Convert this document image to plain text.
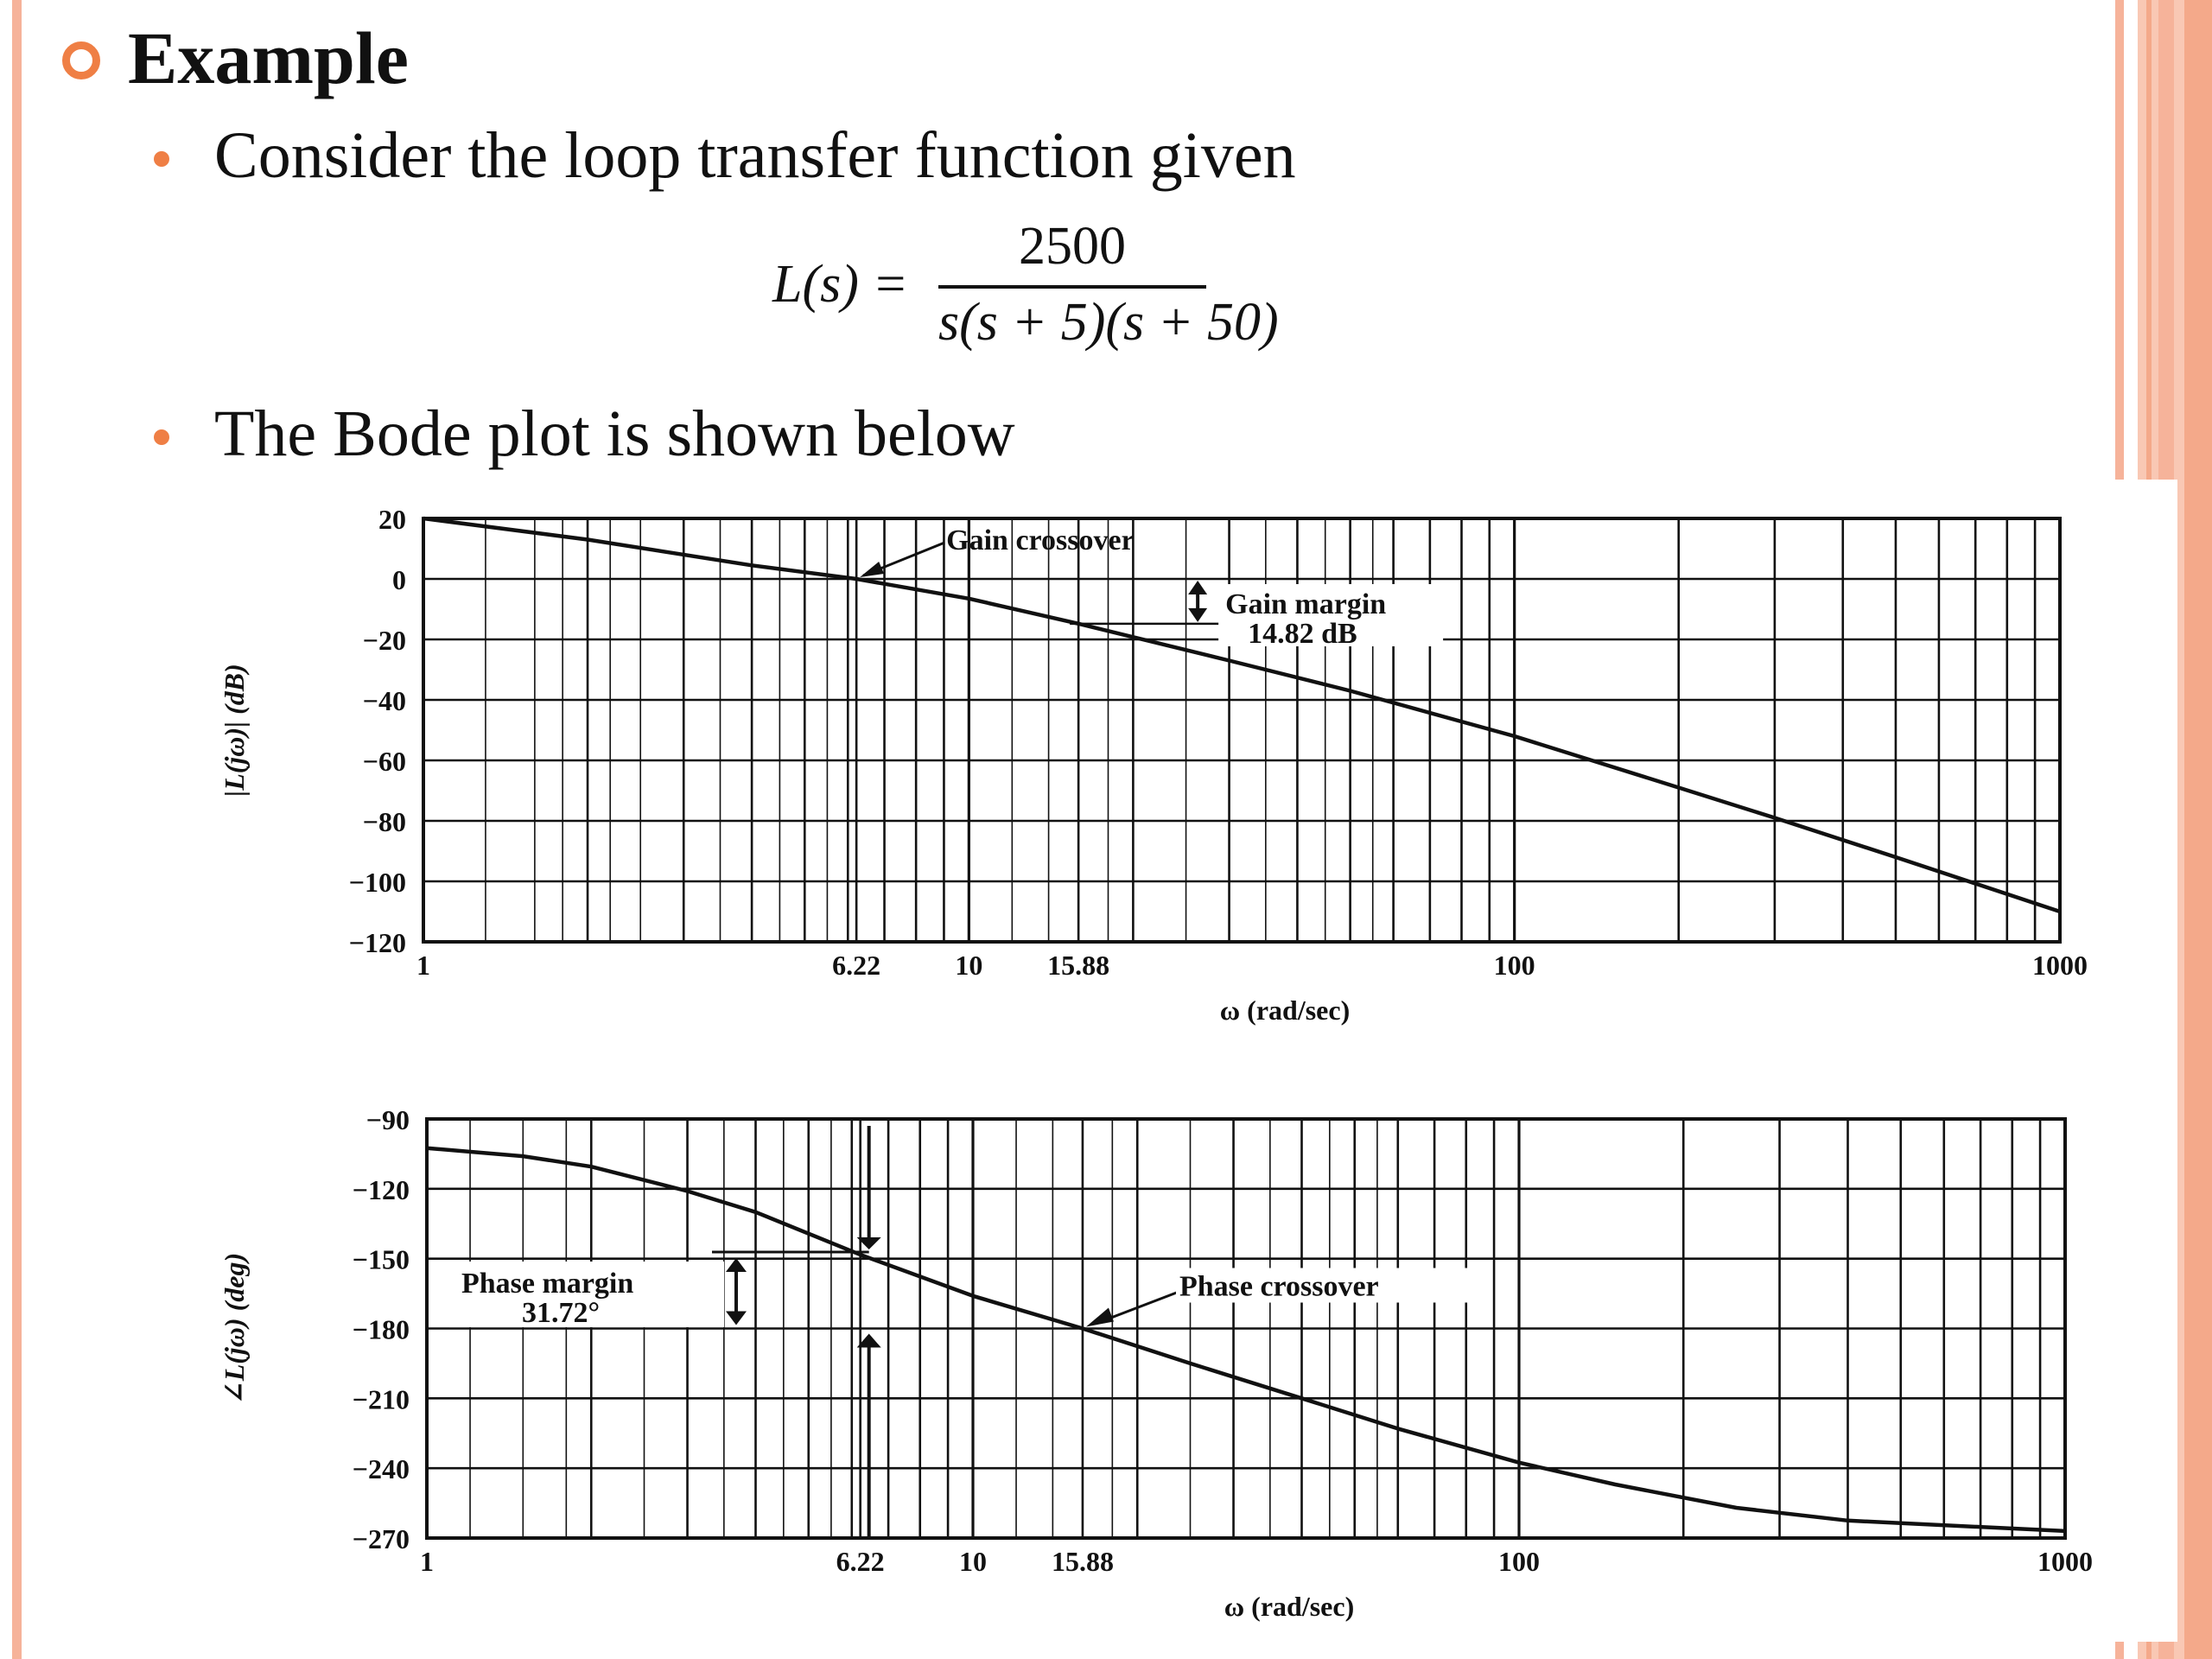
Example
Consider the loop transfer function given
L(s) =
2500
s(s + 5)(s + 50)
The Bode plot is shown below
20
0
−20
−40
−60
−80
−100
−120
1	6.22	10 15.88	100	1000
ω (rad/sec)
|L(jω)| (dB)
Gain crossover
Gain margin
14.82 dB
−90
−120
−150
−180
−210
−240
−270
1	6.22	10 15.88	100	1000
ω (rad/sec)
∠L(jω) (deg)	Phase margin
31.72°
Phase crossover
